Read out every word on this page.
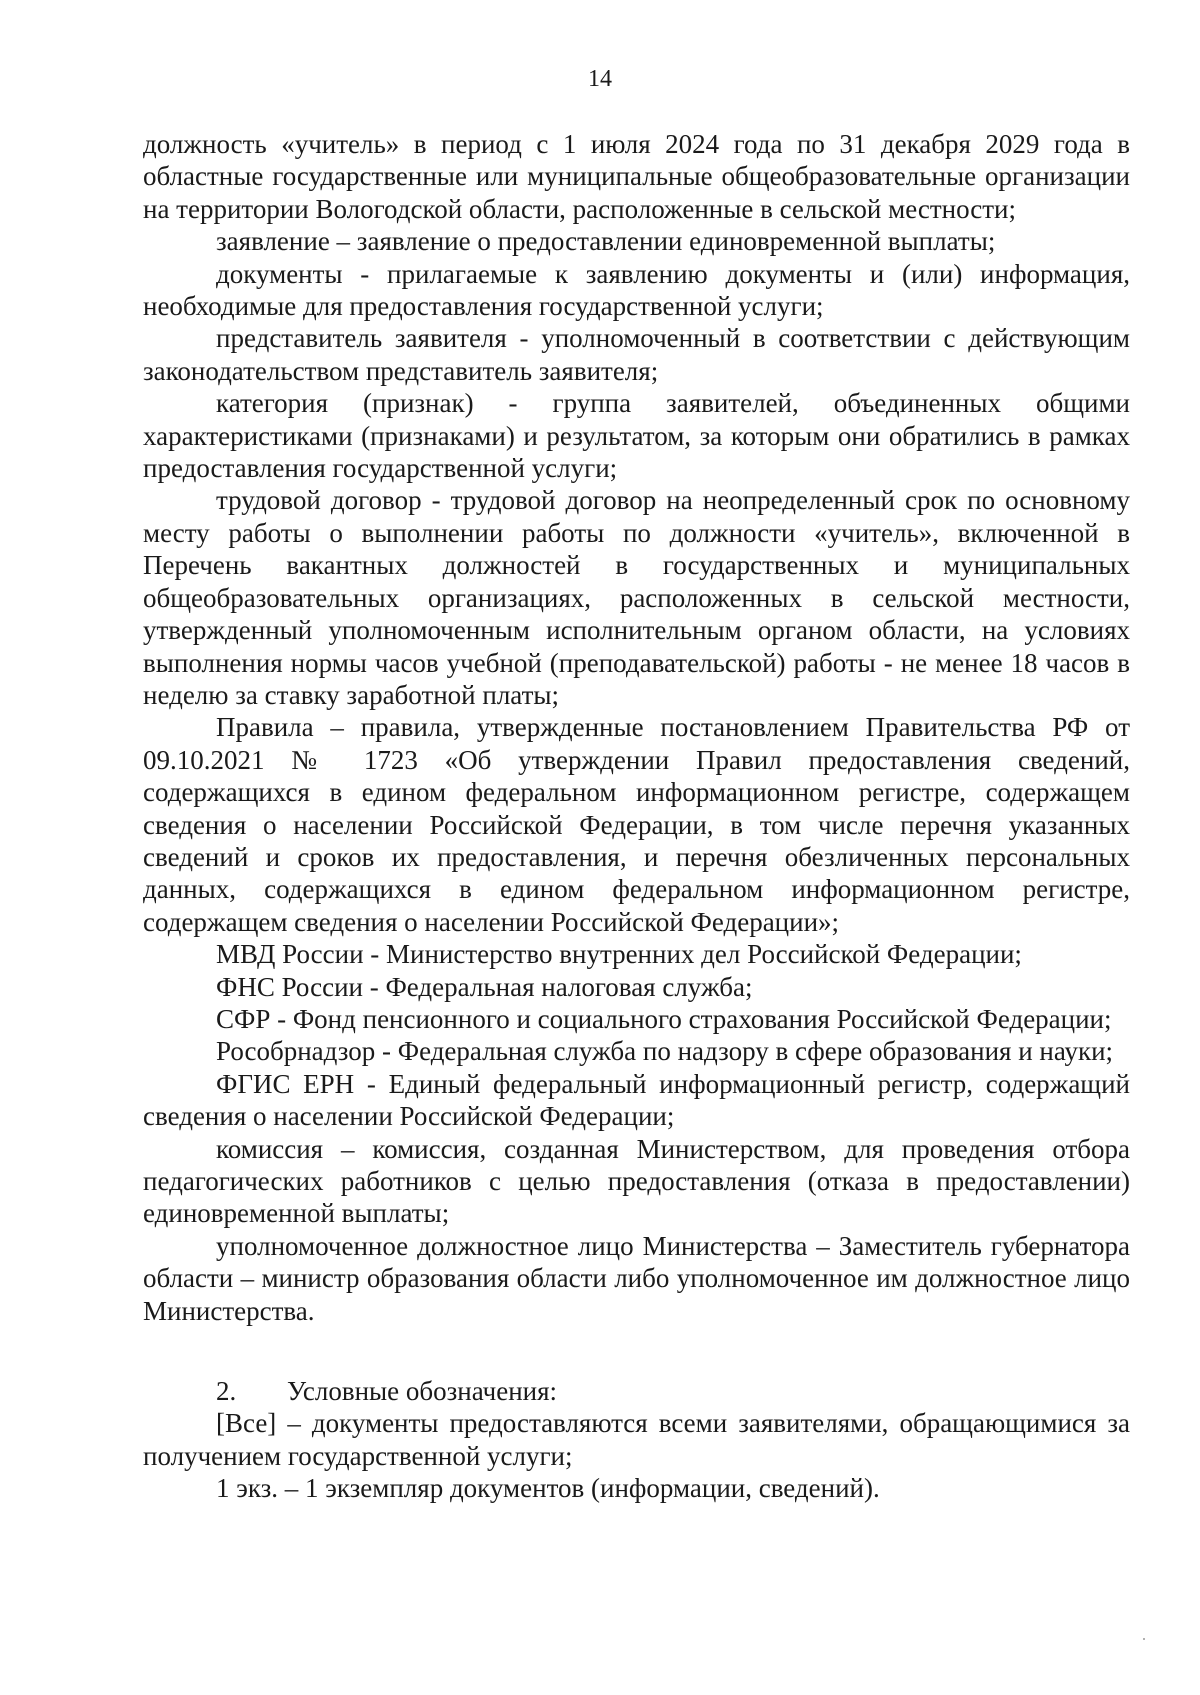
14

должность «учитель» в период с 1 июля 2024 года по 31 декабря 2029 года в областные государственные или муниципальные общеобразовательные организации на территории Вологодской области, расположенные в сельской местности;

заявление – заявление о предоставлении единовременной выплаты;

документы - прилагаемые к заявлению документы и (или) информация, необходимые для предоставления государственной услуги;

представитель заявителя - уполномоченный в соответствии с действующим законодательством представитель заявителя;

категория (признак) - группа заявителей, объединенных общими характеристиками (признаками) и результатом, за которым они обратились в рамках предоставления государственной услуги;

трудовой договор - трудовой договор на неопределенный срок по основному месту работы о выполнении работы по должности «учитель», включенной в Перечень вакантных должностей в государственных и муниципальных общеобразовательных организациях, расположенных в сельской местности, утвержденный уполномоченным исполнительным органом области, на условиях выполнения нормы часов учебной (преподавательской) работы - не менее 18 часов в неделю за ставку заработной платы;

Правила – правила, утвержденные постановлением Правительства РФ от 09.10.2021 № 1723 «Об утверждении Правил предоставления сведений, содержащихся в едином федеральном информационном регистре, содержащем сведения о населении Российской Федерации, в том числе перечня указанных сведений и сроков их предоставления, и перечня обезличенных персональных данных, содержащихся в едином федеральном информационном регистре, содержащем сведения о населении Российской Федерации»;

МВД России - Министерство внутренних дел Российской Федерации;

ФНС России - Федеральная налоговая служба;

СФР - Фонд пенсионного и социального страхования Российской Федерации;

Рособрнадзор - Федеральная служба по надзору в сфере образования и науки;

ФГИС ЕРН - Единый федеральный информационный регистр, содержащий сведения о населении Российской Федерации;

комиссия – комиссия, созданная Министерством, для проведения отбора педагогических работников с целью предоставления (отказа в предоставлении) единовременной выплаты;

уполномоченное должностное лицо Министерства – Заместитель губернатора области – министр образования области либо уполномоченное им должностное лицо Министерства.

2. Условные обозначения:

[Все] – документы предоставляются всеми заявителями, обращающимися за получением государственной услуги;

1 экз. – 1 экземпляр документов (информации, сведений).
